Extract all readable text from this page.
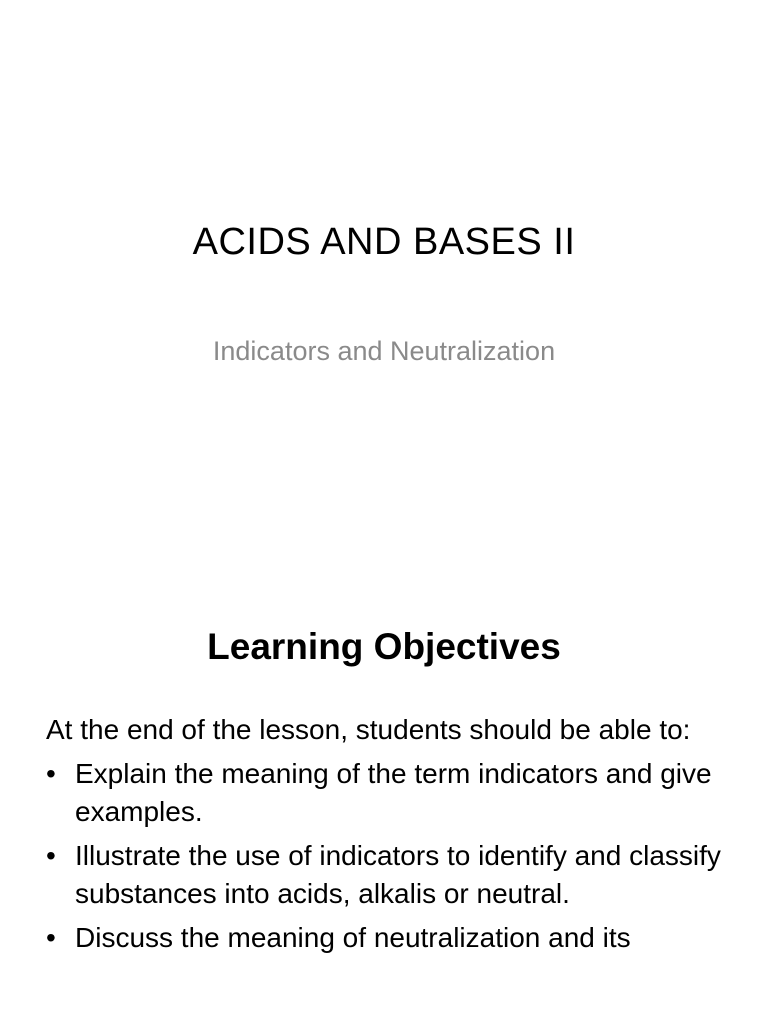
ACIDS AND BASES II

Indicators and Neutralization

Learning Objectives

At the end of the lesson, students should be able to:

• Explain the meaning of the term indicators and give examples.
• Illustrate the use of indicators to identify and classify substances into acids, alkalis or neutral.
• Discuss the meaning of neutralization and its
